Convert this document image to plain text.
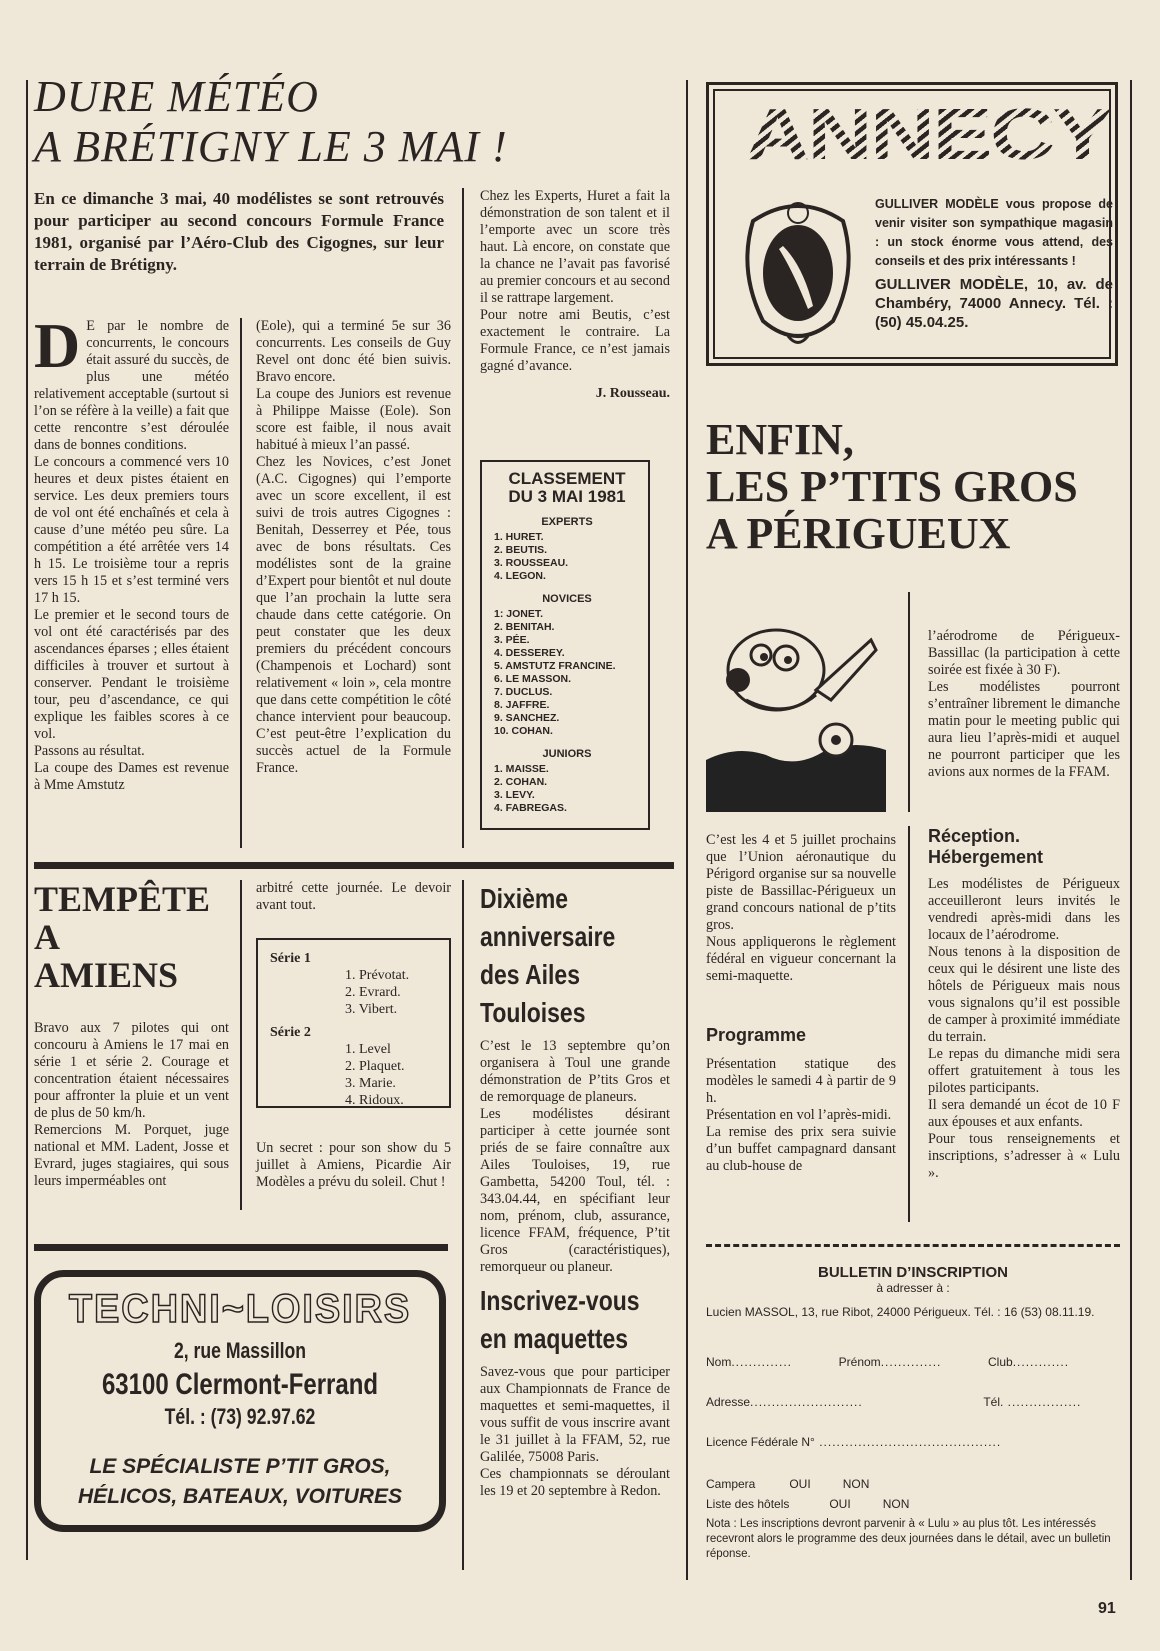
DURE MÉTÉO
A BRÉTIGNY LE 3 MAI !

En ce dimanche 3 mai, 40 modélistes se sont retrouvés pour participer au second concours Formule France 1981, organisé par l’Aéro-Club des Cigognes, sur leur terrain de Brétigny.

D E par le nombre de concurrents, le concours était assuré du succès, de plus une météo relativement acceptable (surtout si l’on se réfère à la veille) a fait que cette rencontre s’est déroulée dans de bonnes conditions.

Le concours a commencé vers 10 heures et deux pistes étaient en service. Les deux premiers tours de vol ont été enchaînés et cela à cause d’une météo peu sûre. La compétition a été arrêtée vers 14 h 15. Le troisième tour a repris vers 15 h 15 et s’est terminé vers 17 h 15.

Le premier et le second tours de vol ont été caractérisés par des ascendances éparses ; elles étaient difficiles à trouver et surtout à conserver. Pendant le troisième tour, peu d’ascendance, ce qui explique les faibles scores à ce vol.

Passons au résultat.

La coupe des Dames est revenue à Mme Amstutz

(Eole), qui a terminé 5e sur 36 concurrents. Les conseils de Guy Revel ont donc été bien suivis. Bravo encore.

La coupe des Juniors est revenue à Philippe Maisse (Eole). Son score est faible, il nous avait habitué à mieux l’an passé.

Chez les Novices, c’est Jonet (A.C. Cigognes) qui l’emporte avec un score excellent, il est suivi de trois autres Cigognes : Benitah, Desserrey et Pée, tous avec de bons résultats. Ces modélistes sont de la graine d’Expert pour bientôt et nul doute que l’an prochain la lutte sera chaude dans cette catégorie. On peut constater que les deux premiers du précédent concours (Champenois et Lochard) sont relativement « loin », cela montre que dans cette compétition le côté chance intervient pour beaucoup. C’est peut-être l’explication du succès actuel de la Formule France.

Chez les Experts, Huret a fait la démonstration de son talent et il l’emporte avec un score très haut. Là encore, on constate que la chance ne l’avait pas favorisé au premier concours et au second il se rattrape largement.

Pour notre ami Beutis, c’est exactement le contraire. La Formule France, ce n’est jamais gagné d’avance.

J. Rousseau.

CLASSEMENT
DU 3 MAI 1981
EXPERTS
1. HURET.
2. BEUTIS.
3. ROUSSEAU.
4. LEGON.
NOVICES
1: JONET.
2. BENITAH.
3. PÉE.
4. DESSEREY.
5. AMSTUTZ FRANCINE.
6. LE MASSON.
7. DUCLUS.
8. JAFFRE.
9. SANCHEZ.
10. COHAN.
JUNIORS
1. MAISSE.
2. COHAN.
3. LEVY.
4. FABREGAS.
ANNECY

GULLIVER MODÈLE vous propose de venir visiter son sympathique magasin : un stock énorme vous attend, des conseils et des prix intéressants !

GULLIVER MODÈLE, 10, av. de Chambéry, 74000 Annecy. Tél. : (50) 45.04.25.

ENFIN,
LES P’TITS GROS
A PÉRIGUEUX

l’aérodrome de Périgueux-Bassillac (la participation à cette soirée est fixée à 30 F).

Les modélistes pourront s’entraîner librement le dimanche matin pour le meeting public qui aura lieu l’après-midi et auquel ne pourront participer que les avions aux normes de la FFAM.

C’est les 4 et 5 juillet prochains que l’Union aéronautique du Périgord organise sur sa nouvelle piste de Bassillac-Périgueux un grand concours national de p’tits gros.

Nous appliquerons le règlement fédéral en vigueur concernant la semi-maquette.

Programme

Présentation statique des modèles le samedi 4 à partir de 9 h.

Présentation en vol l’après-midi.

La remise des prix sera suivie d’un buffet campagnard dansant au club-house de

Réception.
Hébergement

Les modélistes de Périgueux acceuilleront leurs invités le vendredi après-midi dans les locaux de l’aérodrome.

Nous tenons à la disposition de ceux qui le désirent une liste des hôtels de Périgueux mais nous vous signalons qu’il est possible de camper à proximité immédiate du terrain.

Le repas du dimanche midi sera offert gratuitement à tous les pilotes participants.

Il sera demandé un écot de 10 F aux épouses et aux enfants.

Pour tous renseignements et inscriptions, s’adresser à « Lulu ».

BULLETIN D’INSCRIPTION

à adresser à :

Lucien MASSOL, 13, rue Ribot, 24000 Périgueux. Tél. : 16 (53) 08.11.19.

Nom ..............	Prénom ..............	Club .............
Adresse ..........................	Tél. .................
Licence Fédérale N° ..........................................
Campera	OUI	NON
Liste des hôtels	OUI	NON

Nota : Les inscriptions devront parvenir à « Lulu » au plus tôt. Les intéressés recevront alors le programme des deux journées dans le détail, avec un bulletin réponse.

TEMPÊTE
A
AMIENS

Bravo aux 7 pilotes qui ont concouru à Amiens le 17 mai en série 1 et série 2. Courage et concentration étaient nécessaires pour affronter la pluie et un vent de plus de 50 km/h.

Remercions M. Porquet, juge national et MM. Ladent, Josse et Evrard, juges stagiaires, qui sous leurs imperméables ont

arbitré cette journée. Le devoir avant tout.

Série 1
1. Prévotat.
2. Evrard.
3. Vibert.
Série 2
1. Level
2. Plaquet.
3. Marie.
4. Ridoux.

Un secret : pour son show du 5 juillet à Amiens, Picardie Air Modèles a prévu du soleil. Chut !

TECHNI~LOISIRS
2, rue Massillon
63100 Clermont-Ferrand
Tél. : (73) 92.97.62
LE SPÉCIALISTE P’TIT GROS,
HÉLICOS, BATEAUX, VOITURES
Dixième
anniversaire
des Ailes
Touloises

C’est le 13 septembre qu’on organisera à Toul une grande démonstration de P’tits Gros et de remorquage de planeurs.

Les modélistes désirant participer à cette journée sont priés de se faire connaître aux Ailes Touloises, 19, rue Gambetta, 54200 Toul, tél. : 343.04.44, en spécifiant leur nom, prénom, club, assurance, licence FFAM, fréquence, P’tit Gros (caractéristiques), remorqueur ou planeur.

Inscrivez-vous
en maquettes

Savez-vous que pour participer aux Championnats de France de maquettes et semi-maquettes, il vous suffit de vous inscrire avant le 31 juillet à la FFAM, 52, rue Galilée, 75008 Paris.

Ces championnats se déroulant les 19 et 20 septembre à Redon.

91
